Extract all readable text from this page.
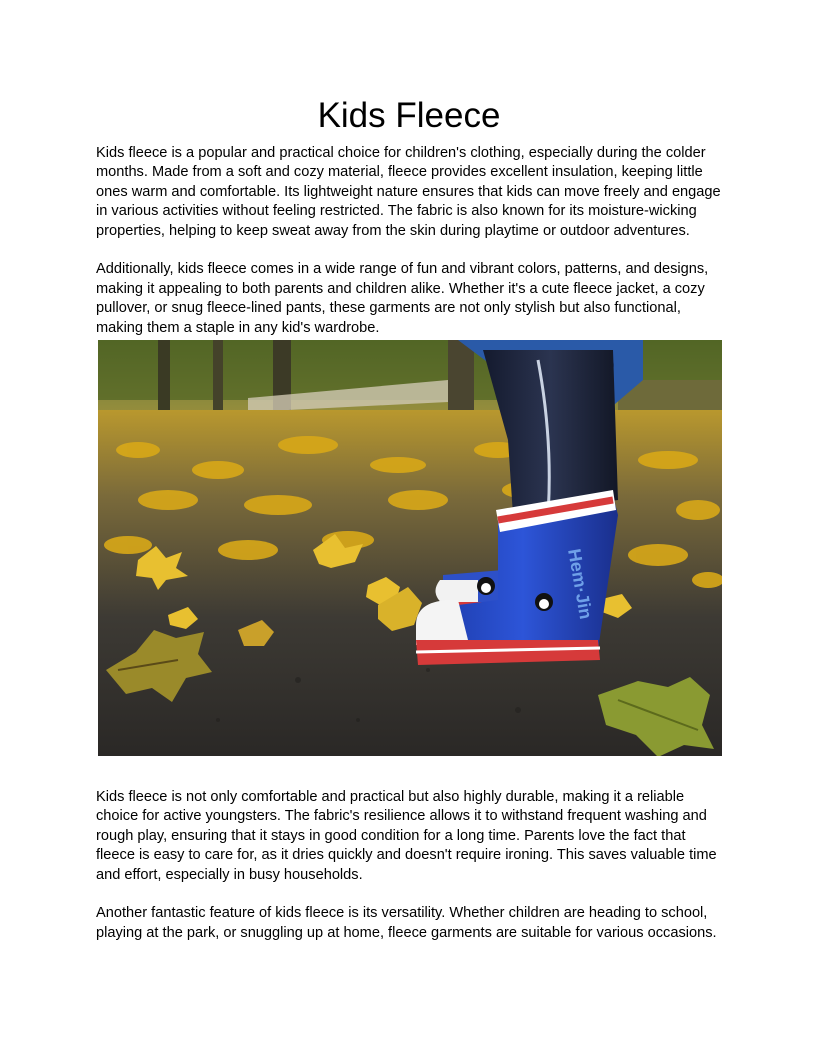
Kids Fleece

Kids fleece is a popular and practical choice for children's clothing, especially during the colder months. Made from a soft and cozy material, fleece provides excellent insulation, keeping little ones warm and comfortable. Its lightweight nature ensures that kids can move freely and engage in various activities without feeling restricted. The fabric is also known for its moisture-wicking properties, helping to keep sweat away from the skin during playtime or outdoor adventures.

Additionally, kids fleece comes in a wide range of fun and vibrant colors, patterns, and designs, making it appealing to both parents and children alike. Whether it's a cute fleece jacket, a cozy pullover, or snug fleece-lined pants, these garments are not only stylish but also functional, making them a staple in any kid's wardrobe.

Hem·Jin

Kids fleece is not only comfortable and practical but also highly durable, making it a reliable choice for active youngsters. The fabric's resilience allows it to withstand frequent washing and rough play, ensuring that it stays in good condition for a long time. Parents love the fact that fleece is easy to care for, as it dries quickly and doesn't require ironing. This saves valuable time and effort, especially in busy households.

Another fantastic feature of kids fleece is its versatility. Whether children are heading to school, playing at the park, or snuggling up at home, fleece garments are suitable for various occasions.
